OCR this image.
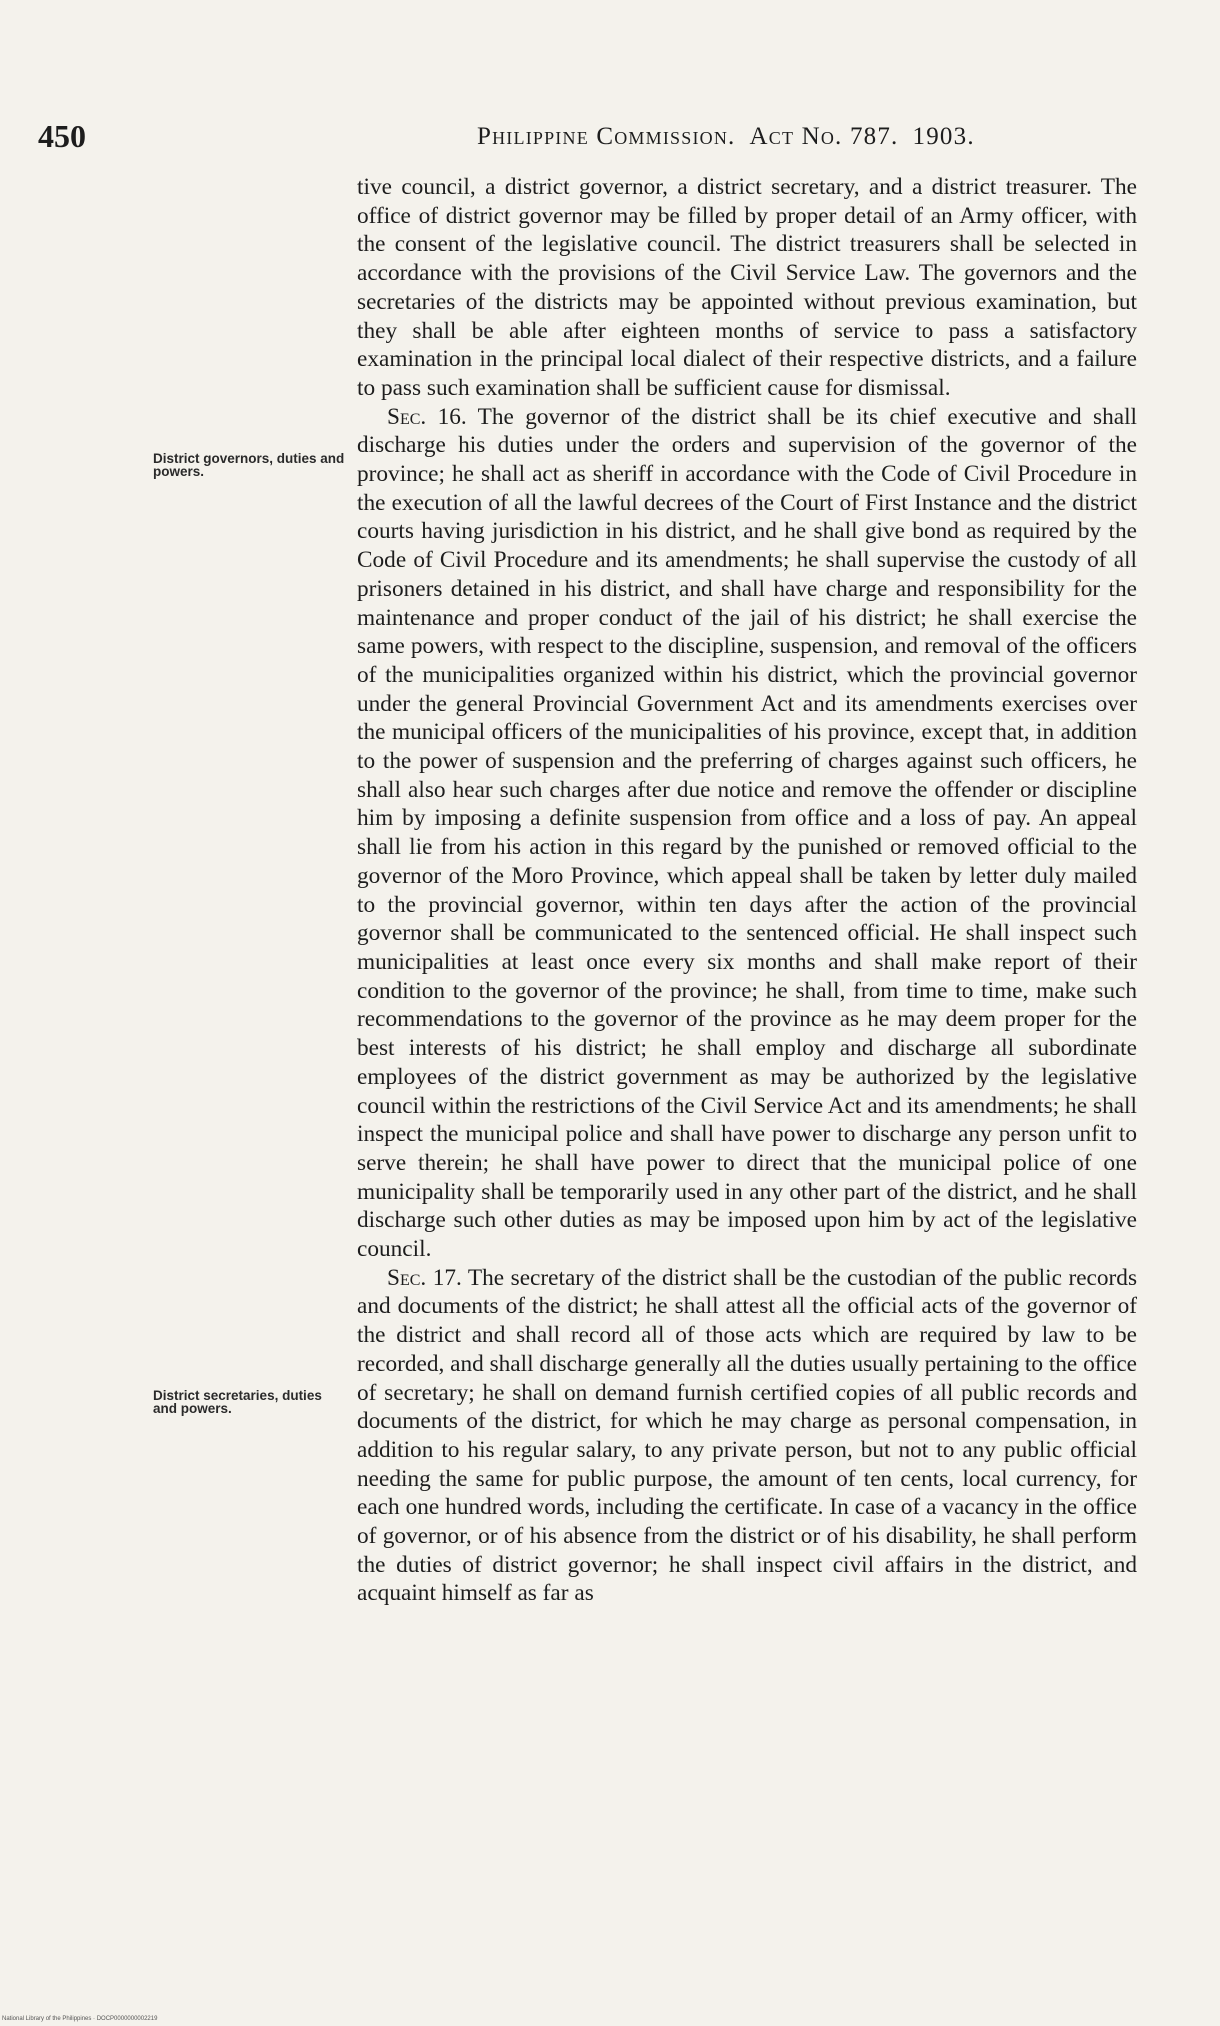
450	Philippine Commission. Act No. 787. 1903.
District governors, duties and powers.
District secretaries, duties and powers.

tive council, a district governor, a district secretary, and a district treasurer. The office of district governor may be filled by proper detail of an Army officer, with the consent of the legislative council. The district treasurers shall be selected in accordance with the provisions of the Civil Service Law. The governors and the secretaries of the districts may be appointed without previous examination, but they shall be able after eighteen months of service to pass a satisfactory examination in the principal local dialect of their respective districts, and a failure to pass such examination shall be sufficient cause for dismissal.

Sec. 16. The governor of the district shall be its chief executive and shall discharge his duties under the orders and supervision of the governor of the province; he shall act as sheriff in accordance with the Code of Civil Procedure in the execution of all the lawful decrees of the Court of First Instance and the district courts having jurisdiction in his district, and he shall give bond as required by the Code of Civil Procedure and its amendments; he shall supervise the custody of all prisoners detained in his district, and shall have charge and responsibility for the maintenance and proper conduct of the jail of his district; he shall exercise the same powers, with respect to the discipline, suspension, and removal of the officers of the municipalities organized within his district, which the provincial governor under the general Provincial Government Act and its amendments exercises over the municipal officers of the municipalities of his province, except that, in addition to the power of suspension and the preferring of charges against such officers, he shall also hear such charges after due notice and remove the offender or discipline him by imposing a definite suspension from office and a loss of pay. An appeal shall lie from his action in this regard by the punished or removed official to the governor of the Moro Province, which appeal shall be taken by letter duly mailed to the provincial governor, within ten days after the action of the provincial governor shall be communicated to the sentenced official. He shall inspect such municipalities at least once every six months and shall make report of their condition to the governor of the province; he shall, from time to time, make such recommendations to the governor of the province as he may deem proper for the best interests of his district; he shall employ and discharge all subordinate employees of the district government as may be authorized by the legislative council within the restrictions of the Civil Service Act and its amendments; he shall inspect the municipal police and shall have power to discharge any person unfit to serve therein; he shall have power to direct that the municipal police of one municipality shall be temporarily used in any other part of the district, and he shall discharge such other duties as may be imposed upon him by act of the legislative council.

Sec. 17. The secretary of the district shall be the custodian of the public records and documents of the district; he shall attest all the official acts of the governor of the district and shall record all of those acts which are required by law to be recorded, and shall discharge generally all the duties usually pertaining to the office of secretary; he shall on demand furnish certified copies of all public records and documents of the district, for which he may charge as personal compensation, in addition to his regular salary, to any private person, but not to any public official needing the same for public purpose, the amount of ten cents, local currency, for each one hundred words, including the certificate. In case of a vacancy in the office of governor, or of his absence from the district or of his disability, he shall perform the duties of district governor; he shall inspect civil affairs in the district, and acquaint himself as far as

National Library of the Philippines · DOCP0000000002219
